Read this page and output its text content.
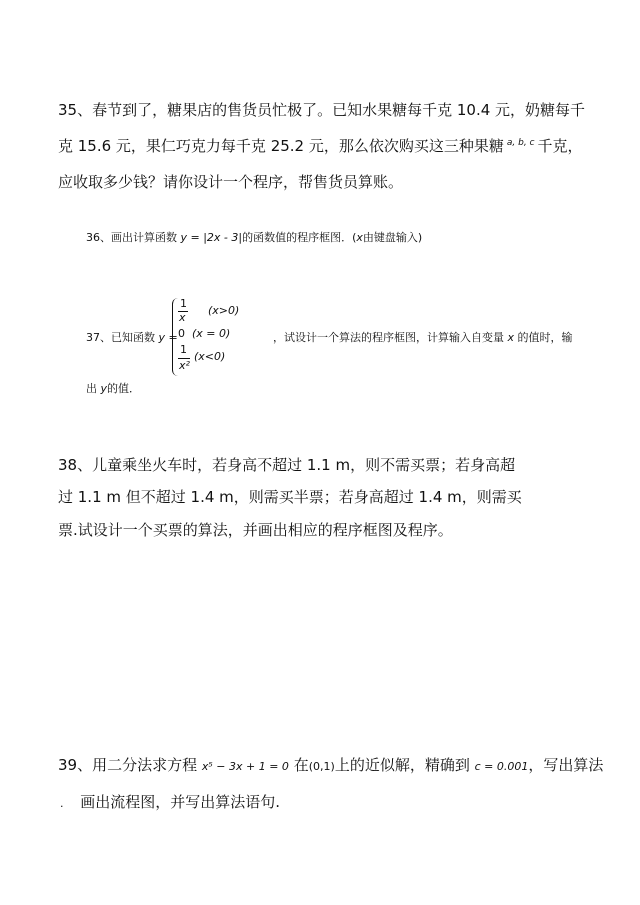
35、春节到了，糖果店的售货员忙极了。已知水果糖每千克 10.4 元，奶糖每千
克 15.6 元，果仁巧克力每千克 25.2 元，那么依次购买这三种果糖 $^{a, b, c}$ 千克，
应收取多少钱？请你设计一个程序，帮售货员算账。
36、画出计算函数 y = |2x - 3|的函数值的程序框图．(x由键盘输入)
37、已知函数 y =
1
x
(x>0)
0 (x = 0)
1
x²
(x<0)
，试设计一个算法的程序框图，计算输入自变量 x 的值时，输
出 y的值．
38、儿童乘坐火车时，若身高不超过 1.1 m，则不需买票；若身高超
过 1.1 m 但不超过 1.4 m，则需买半票；若身高超过 1.4 m，则需买
票.试设计一个买票的算法，并画出相应的程序框图及程序。
39、用二分法求方程 x⁵ − 3x + 1 = 0 在(0,1)上的近似解，精确到 c = 0.001，写出算法
. 画出流程图，并写出算法语句.
